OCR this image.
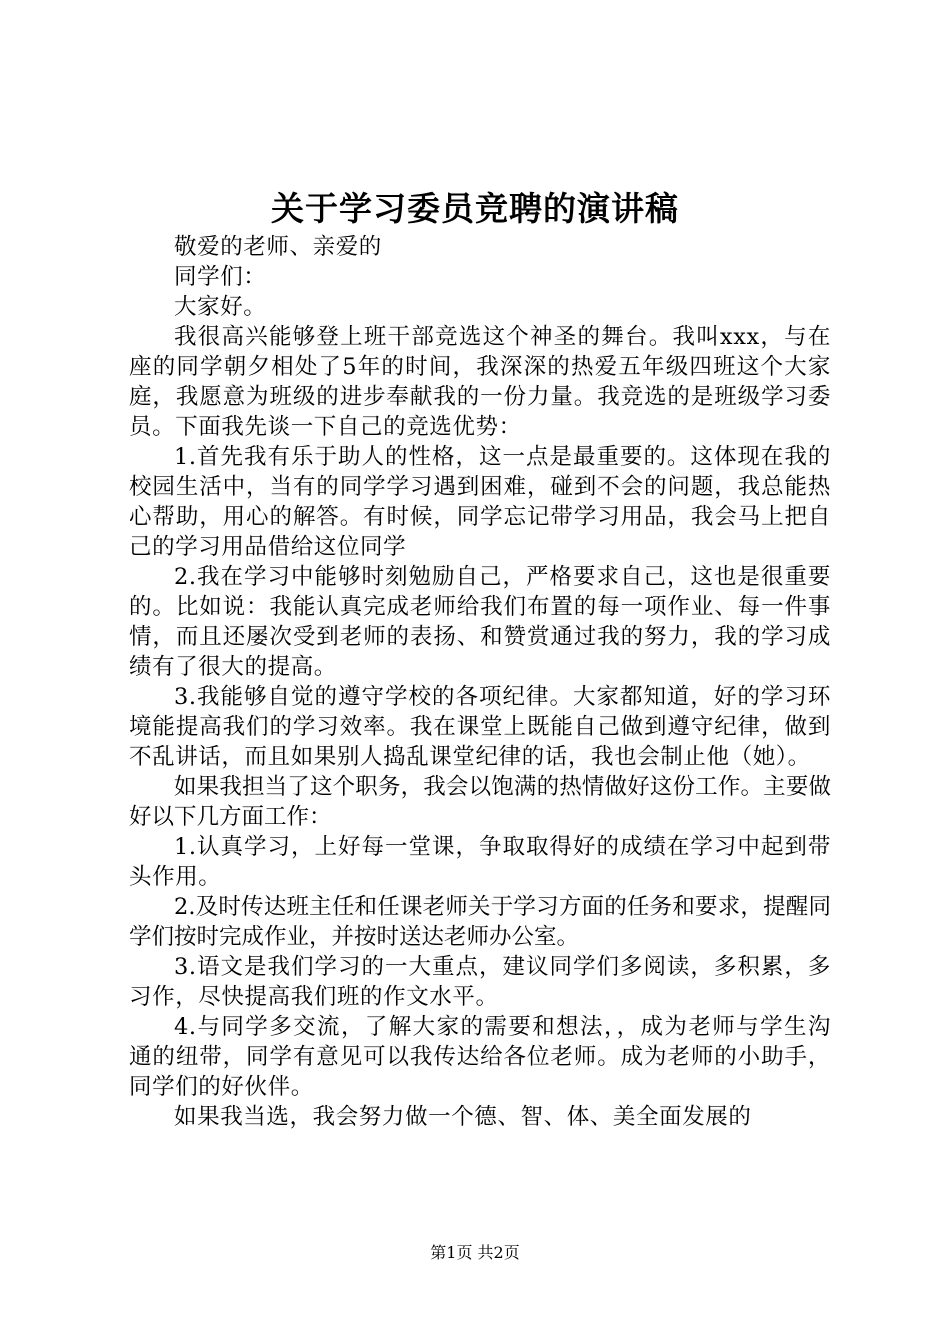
关于学习委员竞聘的演讲稿

敬爱的老师、亲爱的

同学们：

大家好。

我很高兴能够登上班干部竞选这个神圣的舞台。我叫xxx，与在座的同学朝夕相处了5年的时间，我深深的热爱五年级四班这个大家庭，我愿意为班级的进步奉献我的一份力量。我竞选的是班级学习委员。下面我先谈一下自己的竞选优势：

1.首先我有乐于助人的性格，这一点是最重要的。这体现在我的校园生活中，当有的同学学习遇到困难，碰到不会的问题，我总能热心帮助，用心的解答。有时候，同学忘记带学习用品，我会马上把自己的学习用品借给这位同学

2.我在学习中能够时刻勉励自己，严格要求自己，这也是很重要的。比如说：我能认真完成老师给我们布置的每一项作业、每一件事情，而且还屡次受到老师的表扬、和赞赏通过我的努力，我的学习成绩有了很大的提高。

3.我能够自觉的遵守学校的各项纪律。大家都知道，好的学习环境能提高我们的学习效率。我在课堂上既能自己做到遵守纪律，做到不乱讲话，而且如果别人捣乱课堂纪律的话，我也会制止他（她）。

如果我担当了这个职务，我会以饱满的热情做好这份工作。主要做好以下几方面工作：

1.认真学习，上好每一堂课，争取取得好的成绩在学习中起到带头作用。

2.及时传达班主任和任课老师关于学习方面的任务和要求，提醒同学们按时完成作业，并按时送达老师办公室。

3.语文是我们学习的一大重点，建议同学们多阅读，多积累，多习作，尽快提高我们班的作文水平。

4.与同学多交流，了解大家的需要和想法，，成为老师与学生沟通的纽带，同学有意见可以我传达给各位老师。成为老师的小助手，同学们的好伙伴。

如果我当选，我会努力做一个德、智、体、美全面发展的

第1页 共2页
